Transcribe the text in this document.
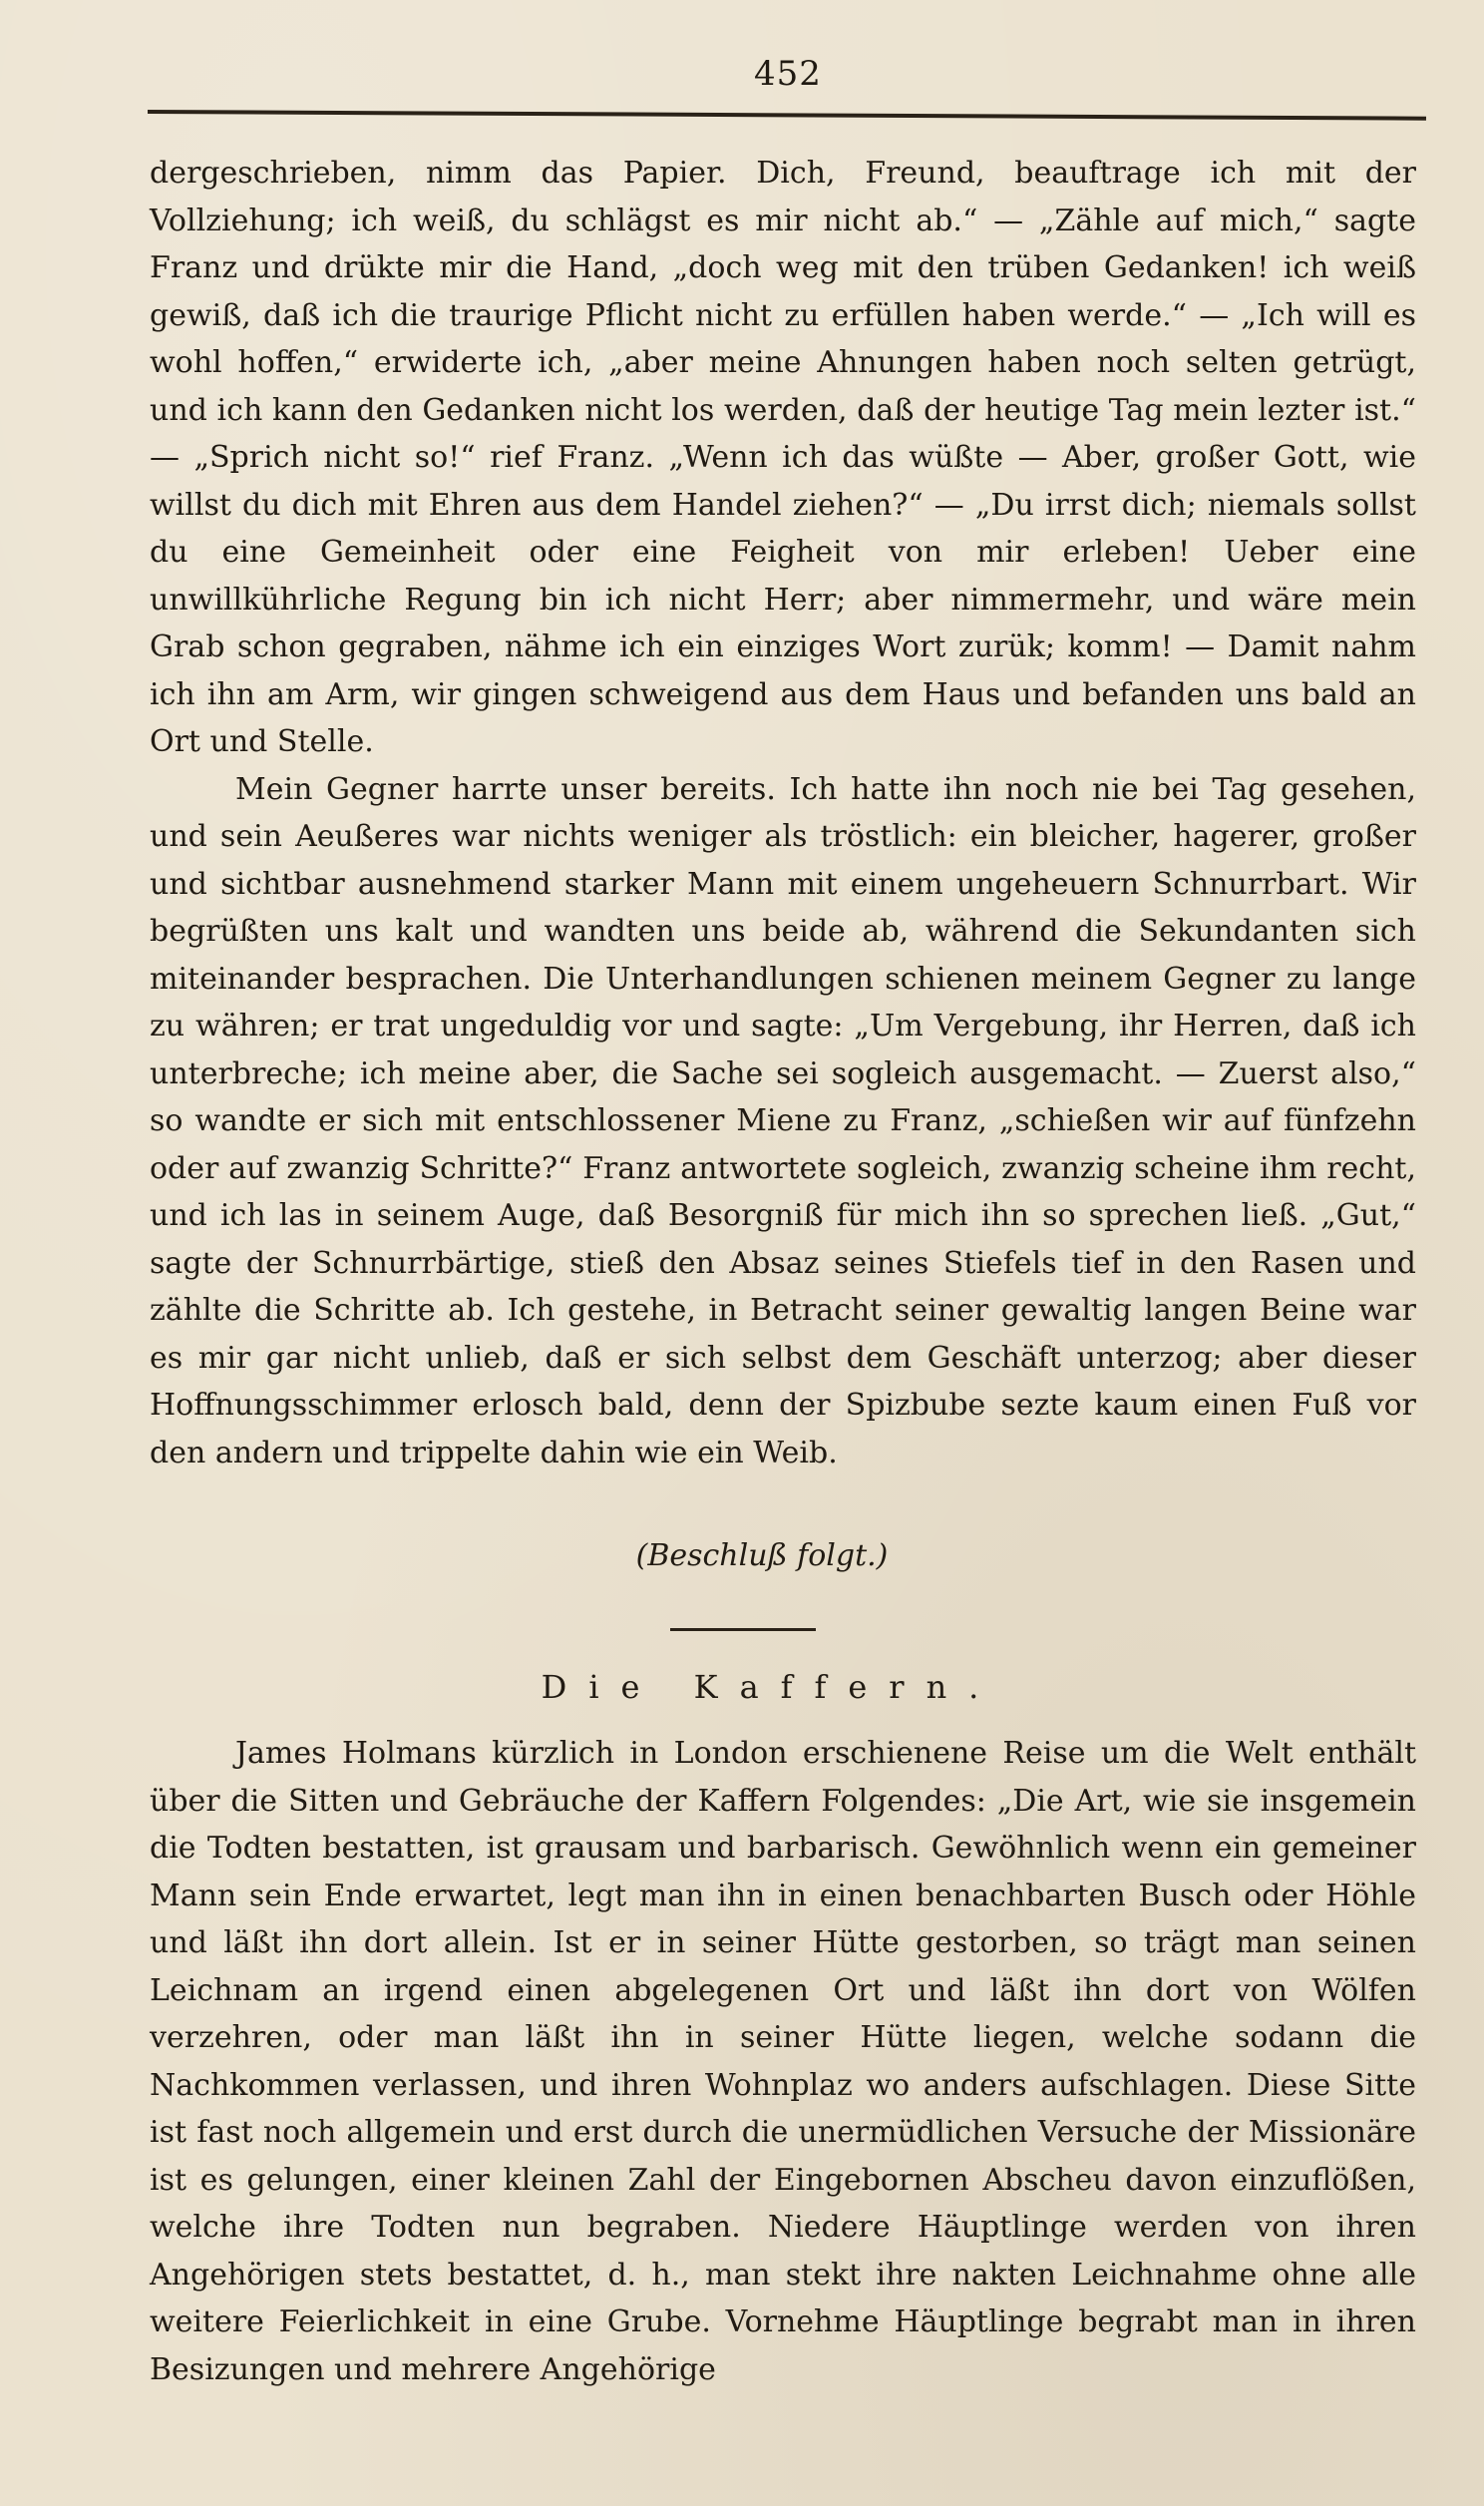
452

dergeschrieben, nimm das Papier. Dich, Freund, beauftrage ich mit der Vollziehung; ich weiß, du schlägst es mir nicht ab.“ — „Zähle auf mich,“ sagte Franz und drükte mir die Hand, „doch weg mit den trüben Gedanken! ich weiß gewiß, daß ich die traurige Pflicht nicht zu erfüllen haben werde.“ — „Ich will es wohl hoffen,“ erwiderte ich, „aber meine Ahnungen haben noch selten getrügt, und ich kann den Gedanken nicht los werden, daß der heutige Tag mein lezter ist.“ — „Sprich nicht so!“ rief Franz. „Wenn ich das wüßte — Aber, großer Gott, wie willst du dich mit Ehren aus dem Handel ziehen?“ — „Du irrst dich; niemals sollst du eine Gemeinheit oder eine Feigheit von mir erleben! Ueber eine unwillkührliche Regung bin ich nicht Herr; aber nimmermehr, und wäre mein Grab schon gegraben, nähme ich ein einziges Wort zurük; komm! — Damit nahm ich ihn am Arm, wir gingen schweigend aus dem Haus und befanden uns bald an Ort und Stelle.

Mein Gegner harrte unser bereits. Ich hatte ihn noch nie bei Tag gesehen, und sein Aeußeres war nichts weniger als tröstlich: ein bleicher, hagerer, großer und sichtbar ausnehmend starker Mann mit einem ungeheuern Schnurrbart. Wir begrüßten uns kalt und wandten uns beide ab, während die Sekundanten sich miteinander besprachen. Die Unterhandlungen schienen meinem Gegner zu lange zu währen; er trat ungeduldig vor und sagte: „Um Vergebung, ihr Herren, daß ich unterbreche; ich meine aber, die Sache sei sogleich ausgemacht. — Zuerst also,“ so wandte er sich mit entschlossener Miene zu Franz, „schießen wir auf fünfzehn oder auf zwanzig Schritte?“ Franz antwortete sogleich, zwanzig scheine ihm recht, und ich las in seinem Auge, daß Besorgniß für mich ihn so sprechen ließ. „Gut,“ sagte der Schnurrbärtige, stieß den Absaz seines Stiefels tief in den Rasen und zählte die Schritte ab. Ich gestehe, in Betracht seiner gewaltig langen Beine war es mir gar nicht unlieb, daß er sich selbst dem Geschäft unterzog; aber dieser Hoffnungsschimmer erlosch bald, denn der Spizbube sezte kaum einen Fuß vor den andern und trippelte dahin wie ein Weib.

(Beschluß folgt.)
Die Kaffern.

James Holmans kürzlich in London erschienene Reise um die Welt enthält über die Sitten und Gebräuche der Kaffern Folgendes: „Die Art, wie sie insgemein die Todten bestatten, ist grausam und barbarisch. Gewöhnlich wenn ein gemeiner Mann sein Ende erwartet, legt man ihn in einen benachbarten Busch oder Höhle und läßt ihn dort allein. Ist er in seiner Hütte gestorben, so trägt man seinen Leichnam an irgend einen abgelegenen Ort und läßt ihn dort von Wölfen verzehren, oder man läßt ihn in seiner Hütte liegen, welche sodann die Nachkommen verlassen, und ihren Wohnplaz wo anders aufschlagen. Diese Sitte ist fast noch allgemein und erst durch die unermüdlichen Versuche der Missionäre ist es gelungen, einer kleinen Zahl der Eingebornen Abscheu davon einzuflößen, welche ihre Todten nun begraben. Niedere Häuptlinge werden von ihren Angehörigen stets bestattet, d. h., man stekt ihre nakten Leichnahme ohne alle weitere Feierlichkeit in eine Grube. Vornehme Häuptlinge begrabt man in ihren Besizungen und mehrere Angehörige
